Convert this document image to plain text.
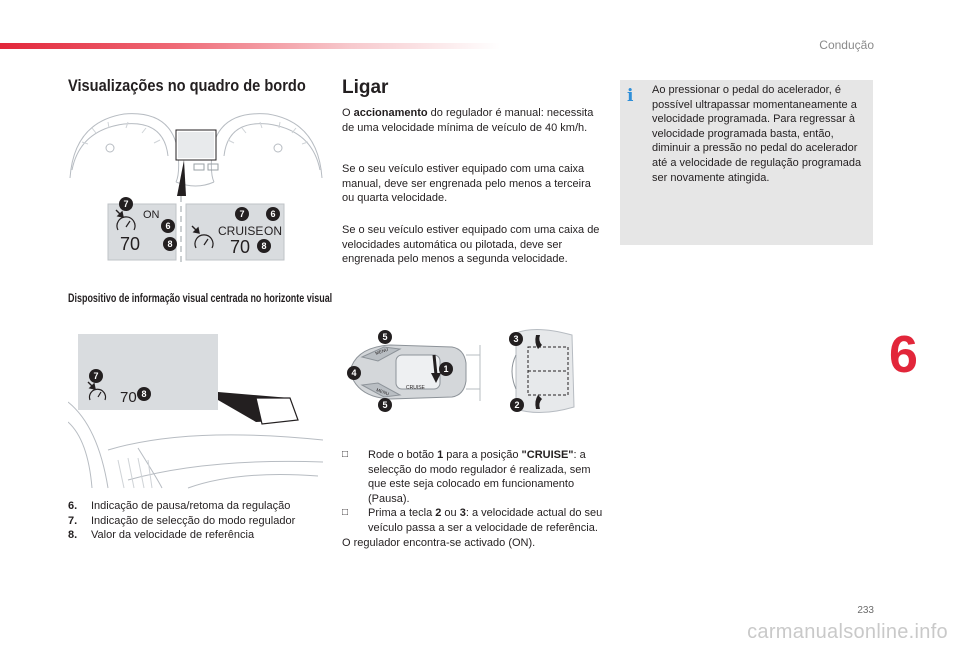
Condução
6
233
carmanualsonline.info
Visualizações no quadro de bordo
ON
70
CRUISE ON
70
7
6
8
7	6
8
Dispositivo de informação visual centrada no horizonte visual
70
7
8
6.	Indicação de pausa/retoma da regulação
7.	Indicação de selecção do modo regulador
8.	Valor da velocidade de referência
Ligar

O accionamento do regulador é manual: necessita de uma velocidade mínima de veículo de 40 km/h.

Se o seu veículo estiver equipado com uma caixa manual, deve ser engrenada pelo menos a terceira ou quarta velocidade.

Se o seu veículo estiver equipado com uma caixa de velocidades automática ou pilotada, deve ser engrenada pelo menos a segunda velocidade.

CRUISE
MENU
MENU
5
4
5
1
3
2
□ Rode o botão 1 para a posição "CRUISE": a selecção do modo regulador é realizada, sem que este seja colocado em funcionamento (Pausa).
□ Prima a tecla 2 ou 3: a velocidade actual do seu veículo passa a ser a velocidade de referência.
O regulador encontra-se activado (ON).
i	Ao pressionar o pedal do acelerador, é possível ultrapassar momentaneamente a velocidade programada. Para regressar à velocidade programada basta, então, diminuir a pressão no pedal do acelerador até a velocidade de regulação programada ser novamente atingida.
